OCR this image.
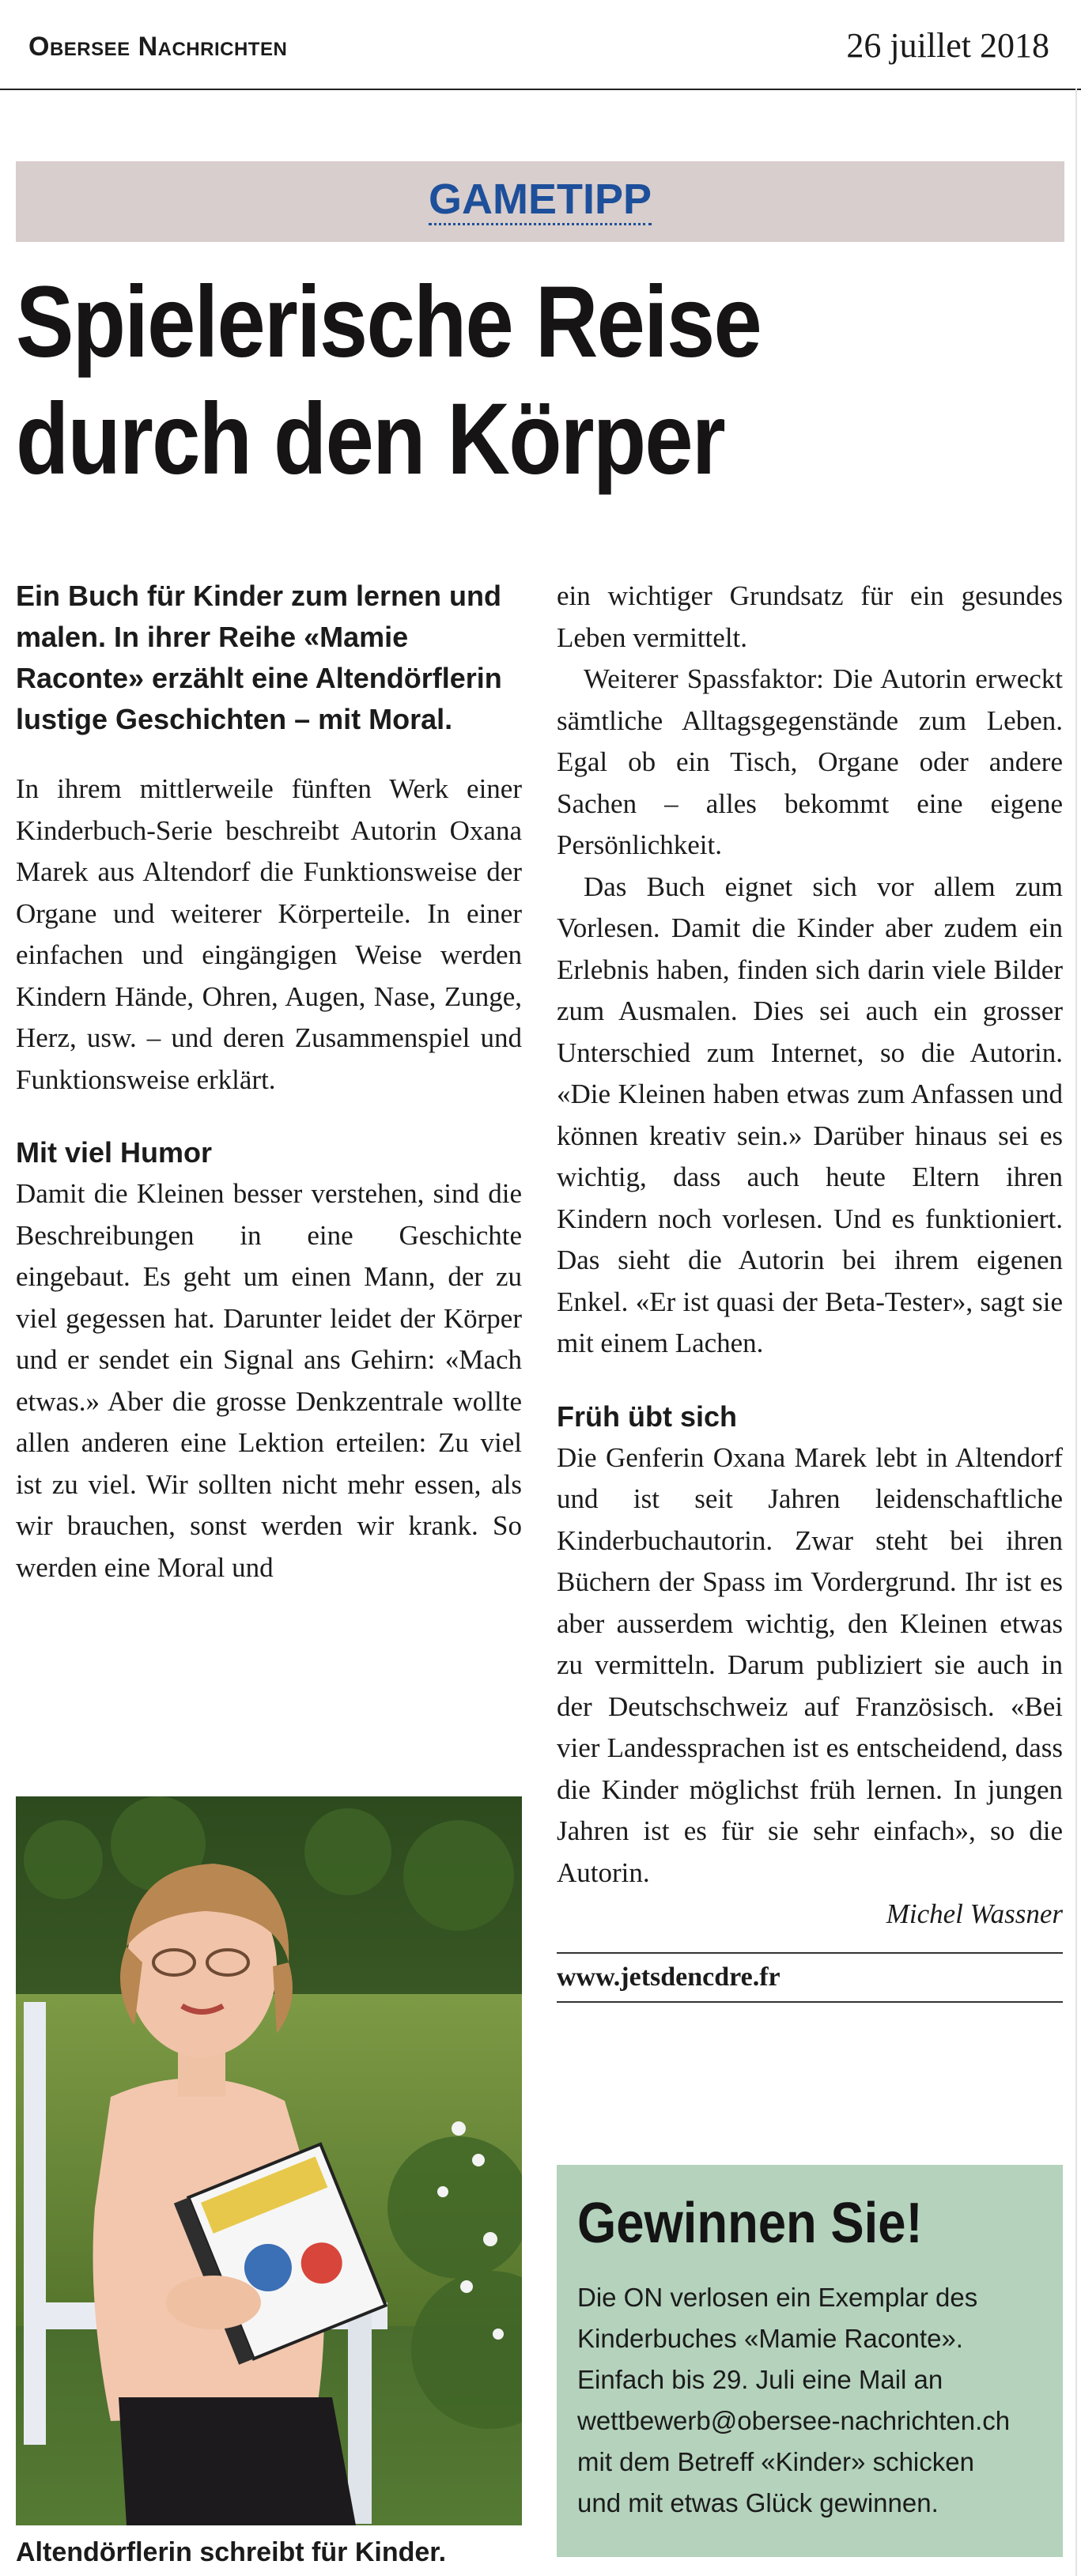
Obersee Nachrichten	26 juillet 2018
GAMETIPP
Spielerische Reise
durch den Körper
Ein Buch für Kinder zum lernen und malen. In ihrer Reihe «Mamie Raconte» erzählt eine Altendörflerin lustige Geschichten – mit Moral.

In ihrem mittlerweile fünften Werk einer Kinderbuch-Serie beschreibt Autorin Oxana Marek aus Altendorf die Funktionsweise der Organe und weiterer Körperteile. In einer einfachen und eingängigen Weise werden Kindern Hände, Ohren, Augen, Nase, Zunge, Herz, usw. – und deren Zusammenspiel und Funktionsweise erklärt.

Mit viel Humor

Damit die Kleinen besser verstehen, sind die Beschreibungen in eine Geschichte eingebaut. Es geht um einen Mann, der zu viel gegessen hat. Darunter leidet der Körper und er sendet ein Signal ans Gehirn: «Mach etwas.» Aber die grosse Denkzentrale wollte allen anderen eine Lektion erteilen: Zu viel ist zu viel. Wir sollten nicht mehr essen, als wir brauchen, sonst werden wir krank. So werden eine Moral und

Altendörflerin schreibt für Kinder.

ein wichtiger Grundsatz für ein gesundes Leben vermittelt.

Weiterer Spassfaktor: Die Autorin erweckt sämtliche Alltagsgegenstände zum Leben. Egal ob ein Tisch, Organe oder andere Sachen – alles bekommt eine eigene Persönlichkeit.

Das Buch eignet sich vor allem zum Vorlesen. Damit die Kinder aber zudem ein Erlebnis haben, finden sich darin viele Bilder zum Ausmalen. Dies sei auch ein grosser Unterschied zum Internet, so die Autorin. «Die Kleinen haben etwas zum Anfassen und können kreativ sein.» Darüber hinaus sei es wichtig, dass auch heute Eltern ihren Kindern noch vorlesen. Und es funktioniert. Das sieht die Autorin bei ihrem eigenen Enkel. «Er ist quasi der Beta-Tester», sagt sie mit einem Lachen.

Früh übt sich

Die Genferin Oxana Marek lebt in Altendorf und ist seit Jahren leidenschaftliche Kinderbuchautorin. Zwar steht bei ihren Büchern der Spass im Vordergrund. Ihr ist es aber ausserdem wichtig, den Kleinen etwas zu vermitteln. Darum publiziert sie auch in der Deutschschweiz auf Französisch. «Bei vier Landessprachen ist es entscheidend, dass die Kinder möglichst früh lernen. In jungen Jahren ist es für sie sehr einfach», so die Autorin.

Michel Wassner
www.jetsdencdre.fr
Gewinnen Sie!
Die ON verlosen ein Exemplar des
Kinderbuches «Mamie Raconte».
Einfach bis 29. Juli eine Mail an
wettbewerb@obersee-nachrichten.ch
mit dem Betreff «Kinder» schicken
und mit etwas Glück gewinnen.
